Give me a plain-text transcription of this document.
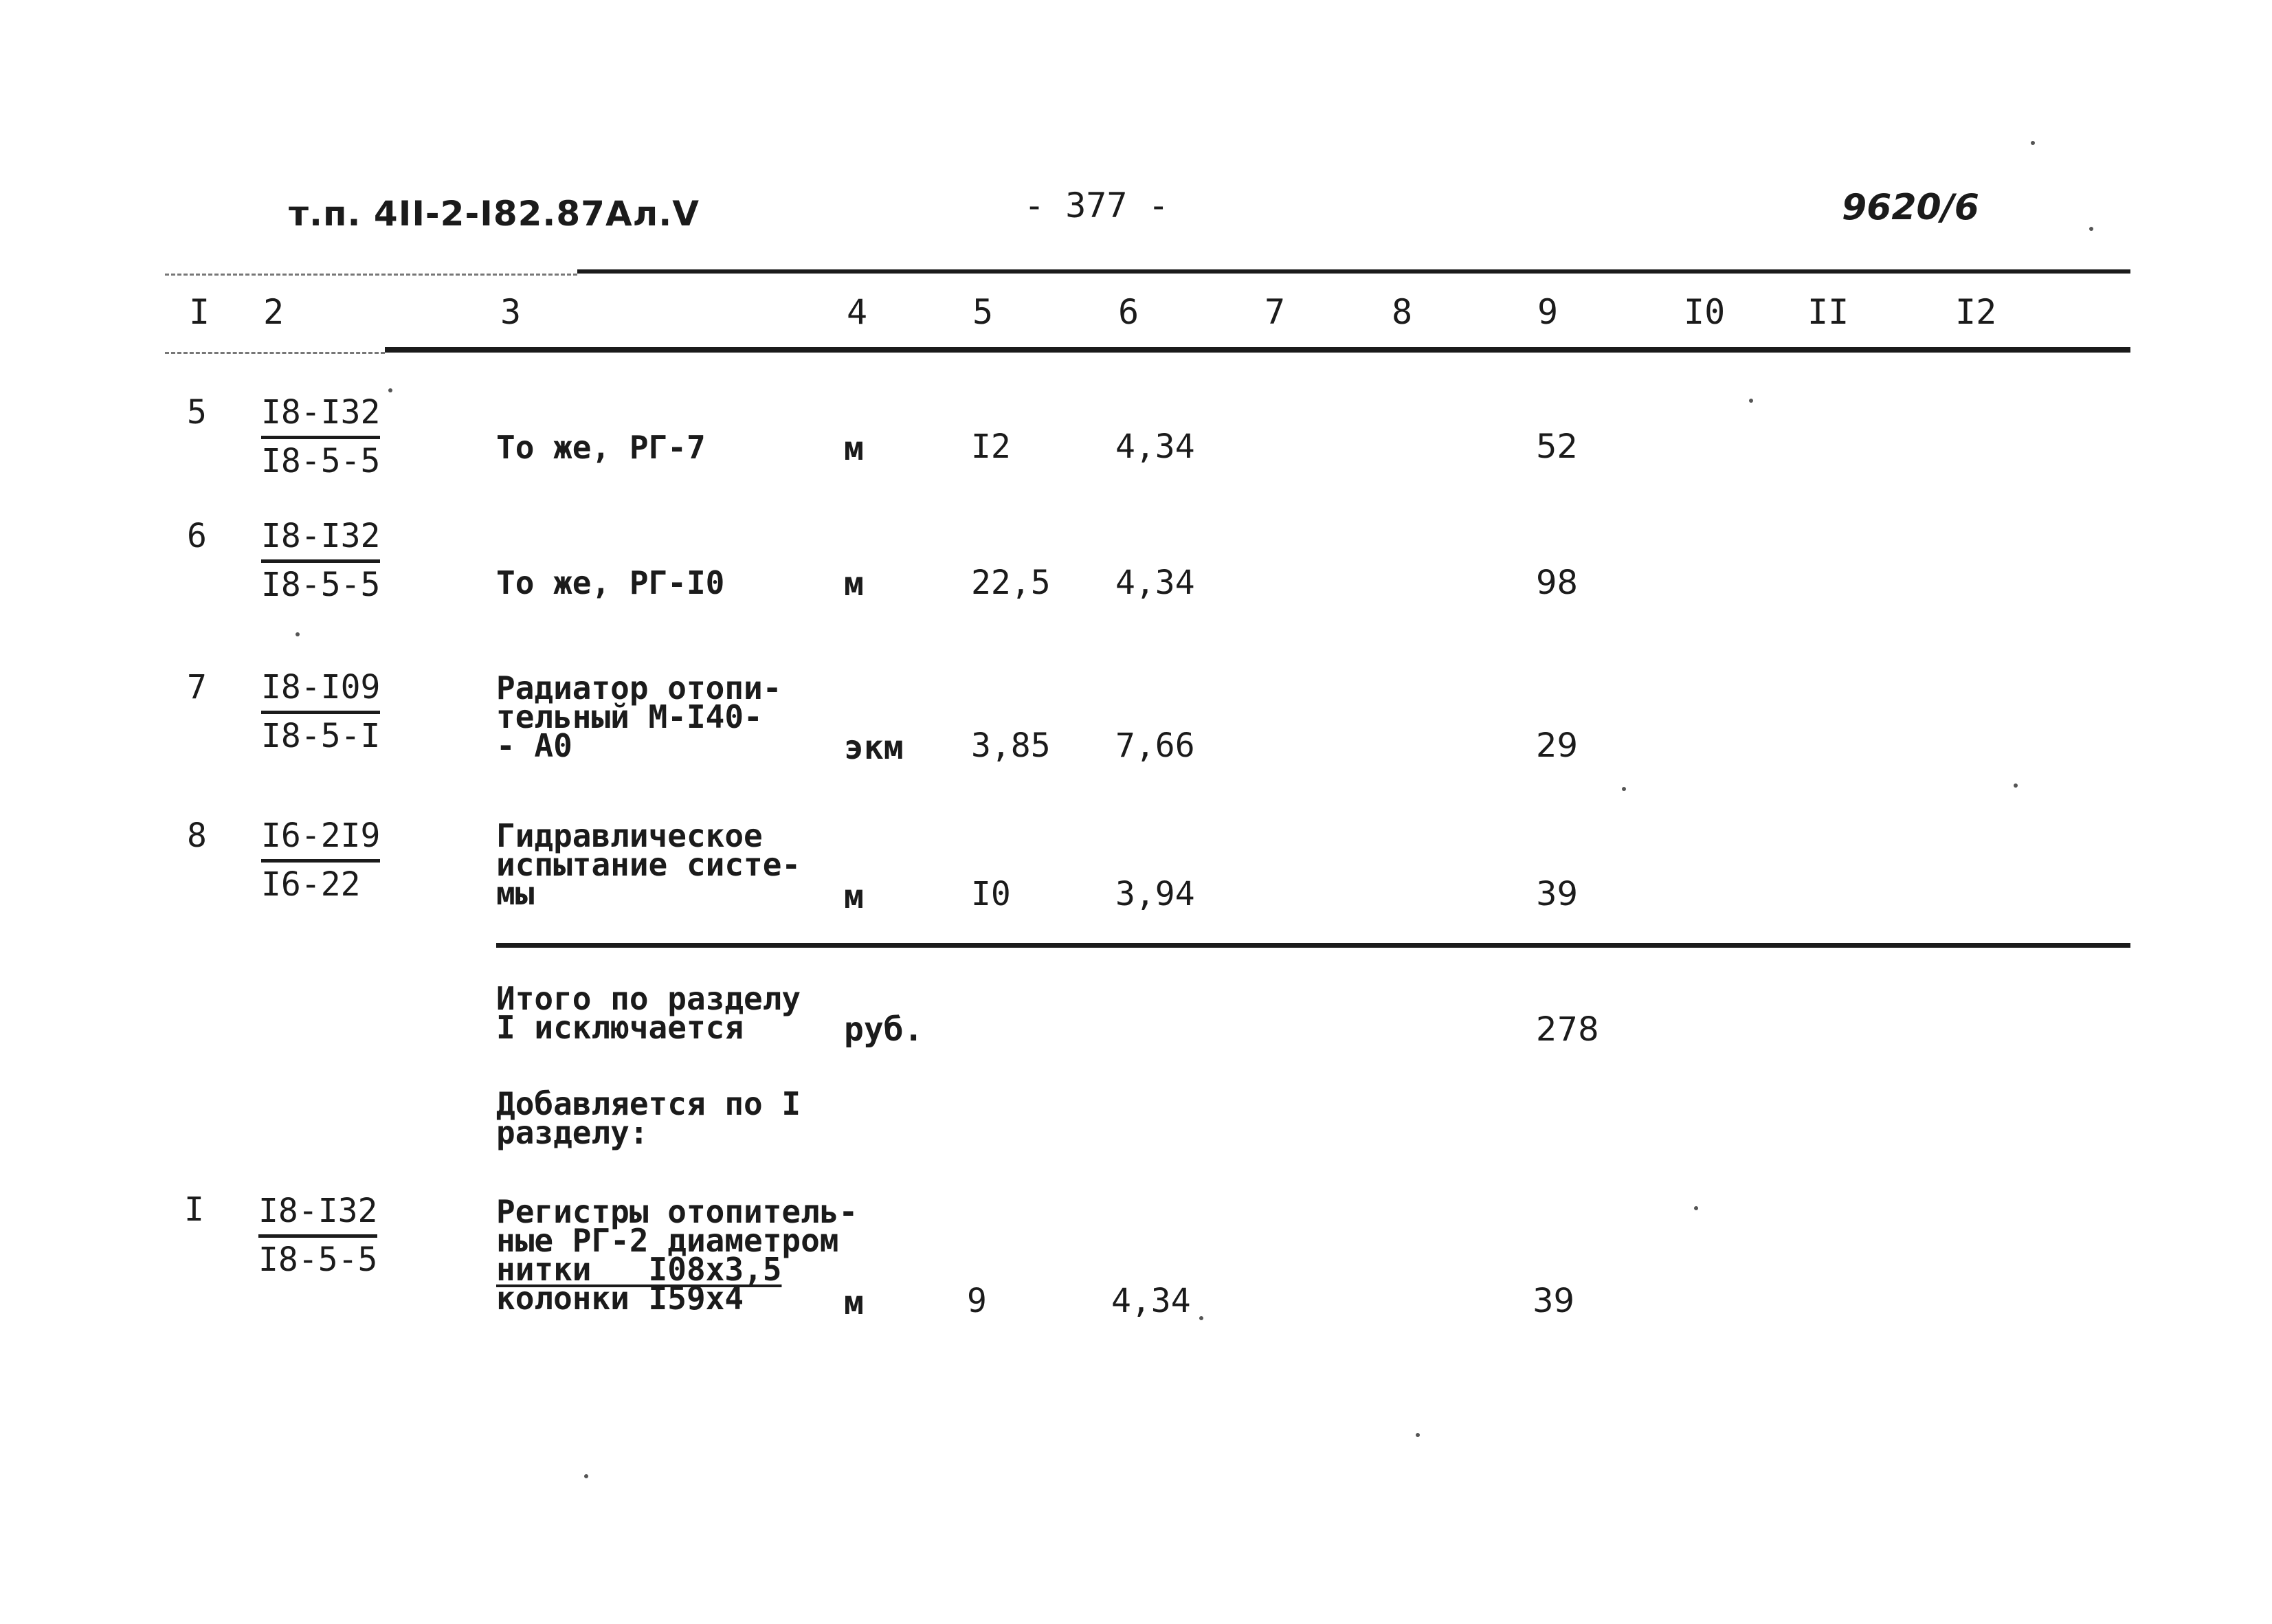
т.п. 4II-2-I82.87Ал.V	- 377 -	9620/6
I 2	3	4	5	6	7	8	9	I0 II	I2
$5 \frac{I8-I32}{I8-5-5}$	То же, РГ-7	м	I2	4,34	52
$6 \frac{I8-I32}{I8-5-5}$	То же, РГ-I0	м	22,5 4,34	98
$7 \frac{I8-I09}{I8-5-I}$	Радиатор отопи-
тельный М-I40-
- А0	экм 3,85 7,66	29
$8 \frac{I6-2I9}{I6-22}$	Гидравлическое
испытание систе-
мы	м	I0	3,94	39
Итого по разделу
I исключается	руб.	278
Добавляется по I
разделу:
I $\frac{I8-I32}{I8-5-5}$	Регистры отопитель-
ные РГ-2 диаметром
нитки   I08х3,5
колонки I59х4	м	9	4,34	39
